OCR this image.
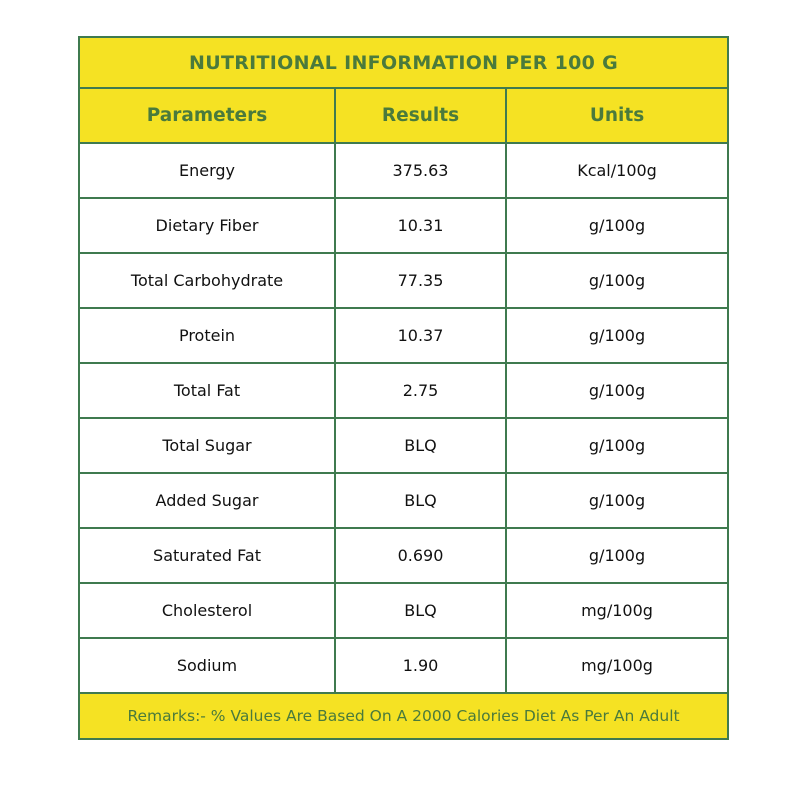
NUTRITIONAL INFORMATION PER 100 G		
Parameters	Results	Units
Energy	375.63	Kcal/100g
Dietary Fiber	10.31	g/100g
Total Carbohydrate	77.35	g/100g
Protein	10.37	g/100g
Total Fat	2.75	g/100g
Total Sugar	BLQ	g/100g
Added Sugar	BLQ	g/100g
Saturated Fat	0.690	g/100g
Cholesterol	BLQ	mg/100g
Sodium	1.90	mg/100g
Remarks:- % Values Are Based On A 2000 Calories Diet As Per An Adult		
